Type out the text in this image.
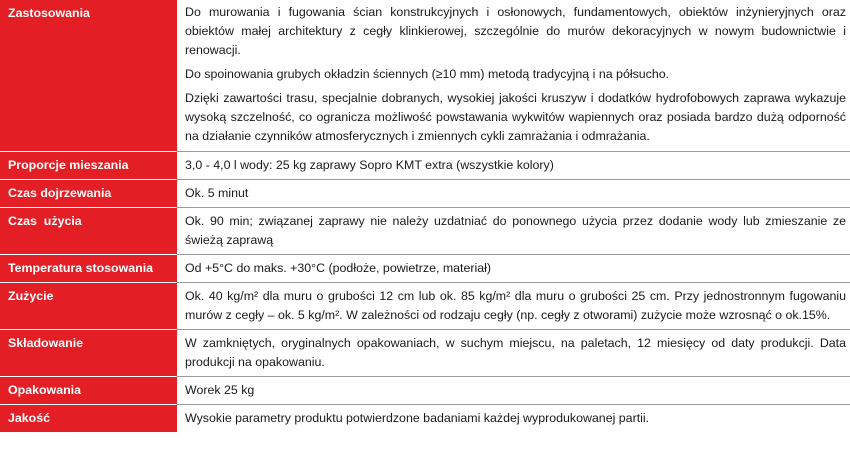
Zastosowania	Do murowania i fugowania ścian konstrukcyjnych i osłonowych, fundamentowych, obiektów inżynieryjnych oraz obiektów małej architektury z cegły klinkierowej, szczególnie do murów dekoracyjnych w nowym budownictwie i renowacji.

Do spoinowania grubych okładzin ściennych (≥10 mm) metodą tradycyjną i na półsucho.

Dzięki zawartości trasu, specjalnie dobranych, wysokiej jakości kruszyw i dodatków hydrofobowych zaprawa wykazuje wysoką szczelność, co ogranicza możliwość powstawania wykwitów wapiennych oraz posiada bardzo dużą odporność na działanie czynników atmosferycznych i zmiennych cykli zamrażania i odmrażania.

Proporcje mieszania	3,0 - 4,0 l wody: 25 kg zaprawy Sopro KMT extra (wszystkie kolory)
Czas dojrzewania	Ok. 5 minut
Czas  użycia	Ok. 90 min; związanej zaprawy nie należy uzdatniać do ponownego użycia przez dodanie wody lub zmieszanie ze świeżą zaprawą
Temperatura stosowania	Od +5°C do maks. +30°C (podłoże, powietrze, materiał)
Zużycie	Ok. 40 kg/m² dla muru o grubości 12 cm lub ok. 85 kg/m² dla muru o grubości 25 cm. Przy jednostronnym fugowaniu murów z cegły – ok. 5 kg/m². W zależności od rodzaju cegły (np. cegły z otworami) zużycie może wzrosnąć o ok.15%.
Składowanie	W zamkniętych, oryginalnych opakowaniach, w suchym miejscu, na paletach, 12 miesięcy od daty produkcji. Data produkcji na opakowaniu.
Opakowania	Worek 25 kg
Jakość	Wysokie parametry produktu potwierdzone badaniami każdej wyprodukowanej partii.
